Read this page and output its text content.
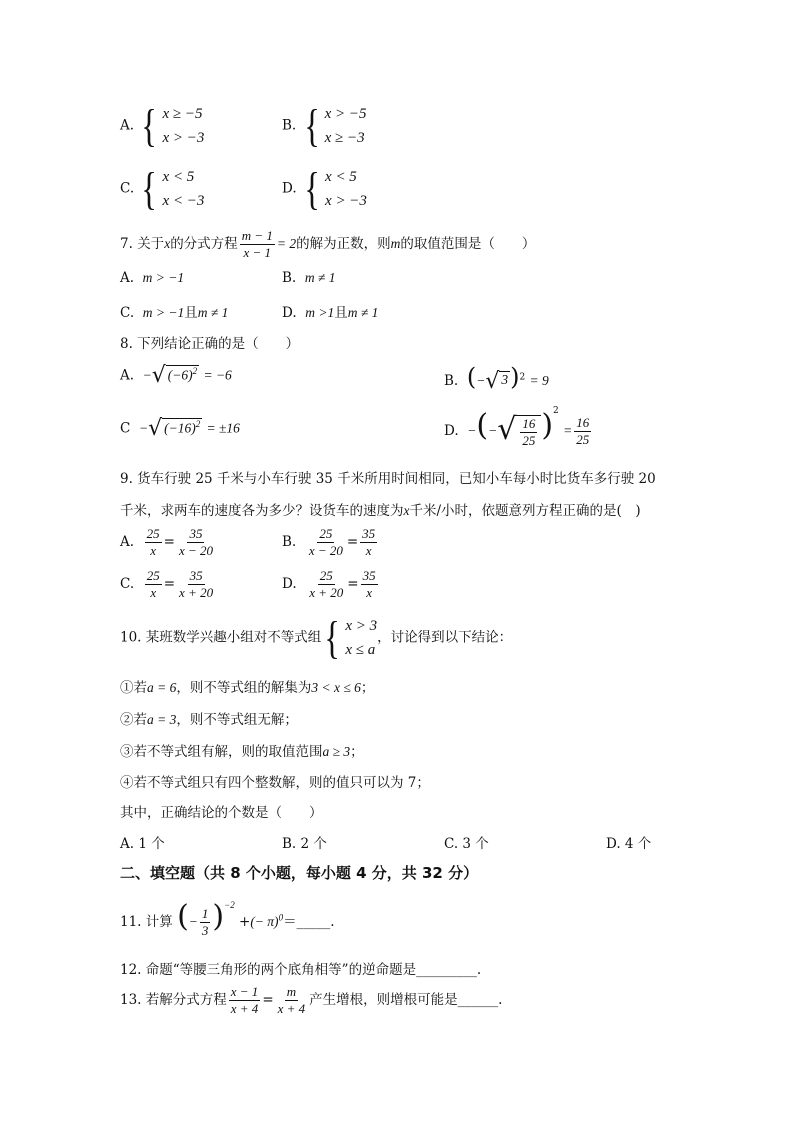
A. { x ≥ −5
x > −3
B. { x > −5
x ≥ −3
C. { x < 5
x < −3
D. { x < 5
x > −3
7. 关于x的分式方程 $\frac{m - 1}{x - 1} = 2$的解为正数，则m的取值范围是（　　）
A. m > −1	B. m ≠ 1
C. m > −1且m ≠ 1	D. m >1且m ≠ 1
8. 下列结论正确的是（　　）
A. − √ $(-6)^2 = -6$	B. (− √ 3 )$^2$ = 9
C − √ $(-16)^2 = \pm 16$	D. −(− √ $\frac{16}{25} )^2 = \frac{16}{25}$
9. 货车行驶 25 千米与小车行驶 35 千米所用时间相同，已知小车每小时比货车多行驶 20
千米，求两车的速度各为多少？设货车的速度为x千米/小时，依题意列方程正确的是(　)
A. $\frac{25}{x} = \frac{35}{x - 20}$	B. $\frac{25}{x - 20} = \frac{35}{x}$
C. $\frac{25}{x} = \frac{35}{x + 20}$	D. $\frac{25}{x + 20} = \frac{35}{x}$
10. 某班数学兴趣小组对不等式组 { x > 3
x ≤ a
，讨论得到以下结论：
①若a = 6，则不等式组的解集为3 < x ≤ 6；
②若a = 3，则不等式组无解；
③若不等式组有解，则的取值范围a ≥ 3；
④若不等式组只有四个整数解，则的值只可以为 7；
其中，正确结论的个数是（　　）
A. 1 个	B. 2 个	C. 3 个	D. 4 个
二、填空题（共 8 个小题，每小题 4 分，共 32 分）
11. 计算 (− $\frac{1}{3} )^{-2}$ +(− π)$^0$＝_____.
12. 命题“等腰三角形的两个底角相等”的逆命题是_________.
13. 若解分式方程 $\frac{x - 1}{x + 4} = \frac{m}{x + 4}$ 产生增根，则增根可能是______.
